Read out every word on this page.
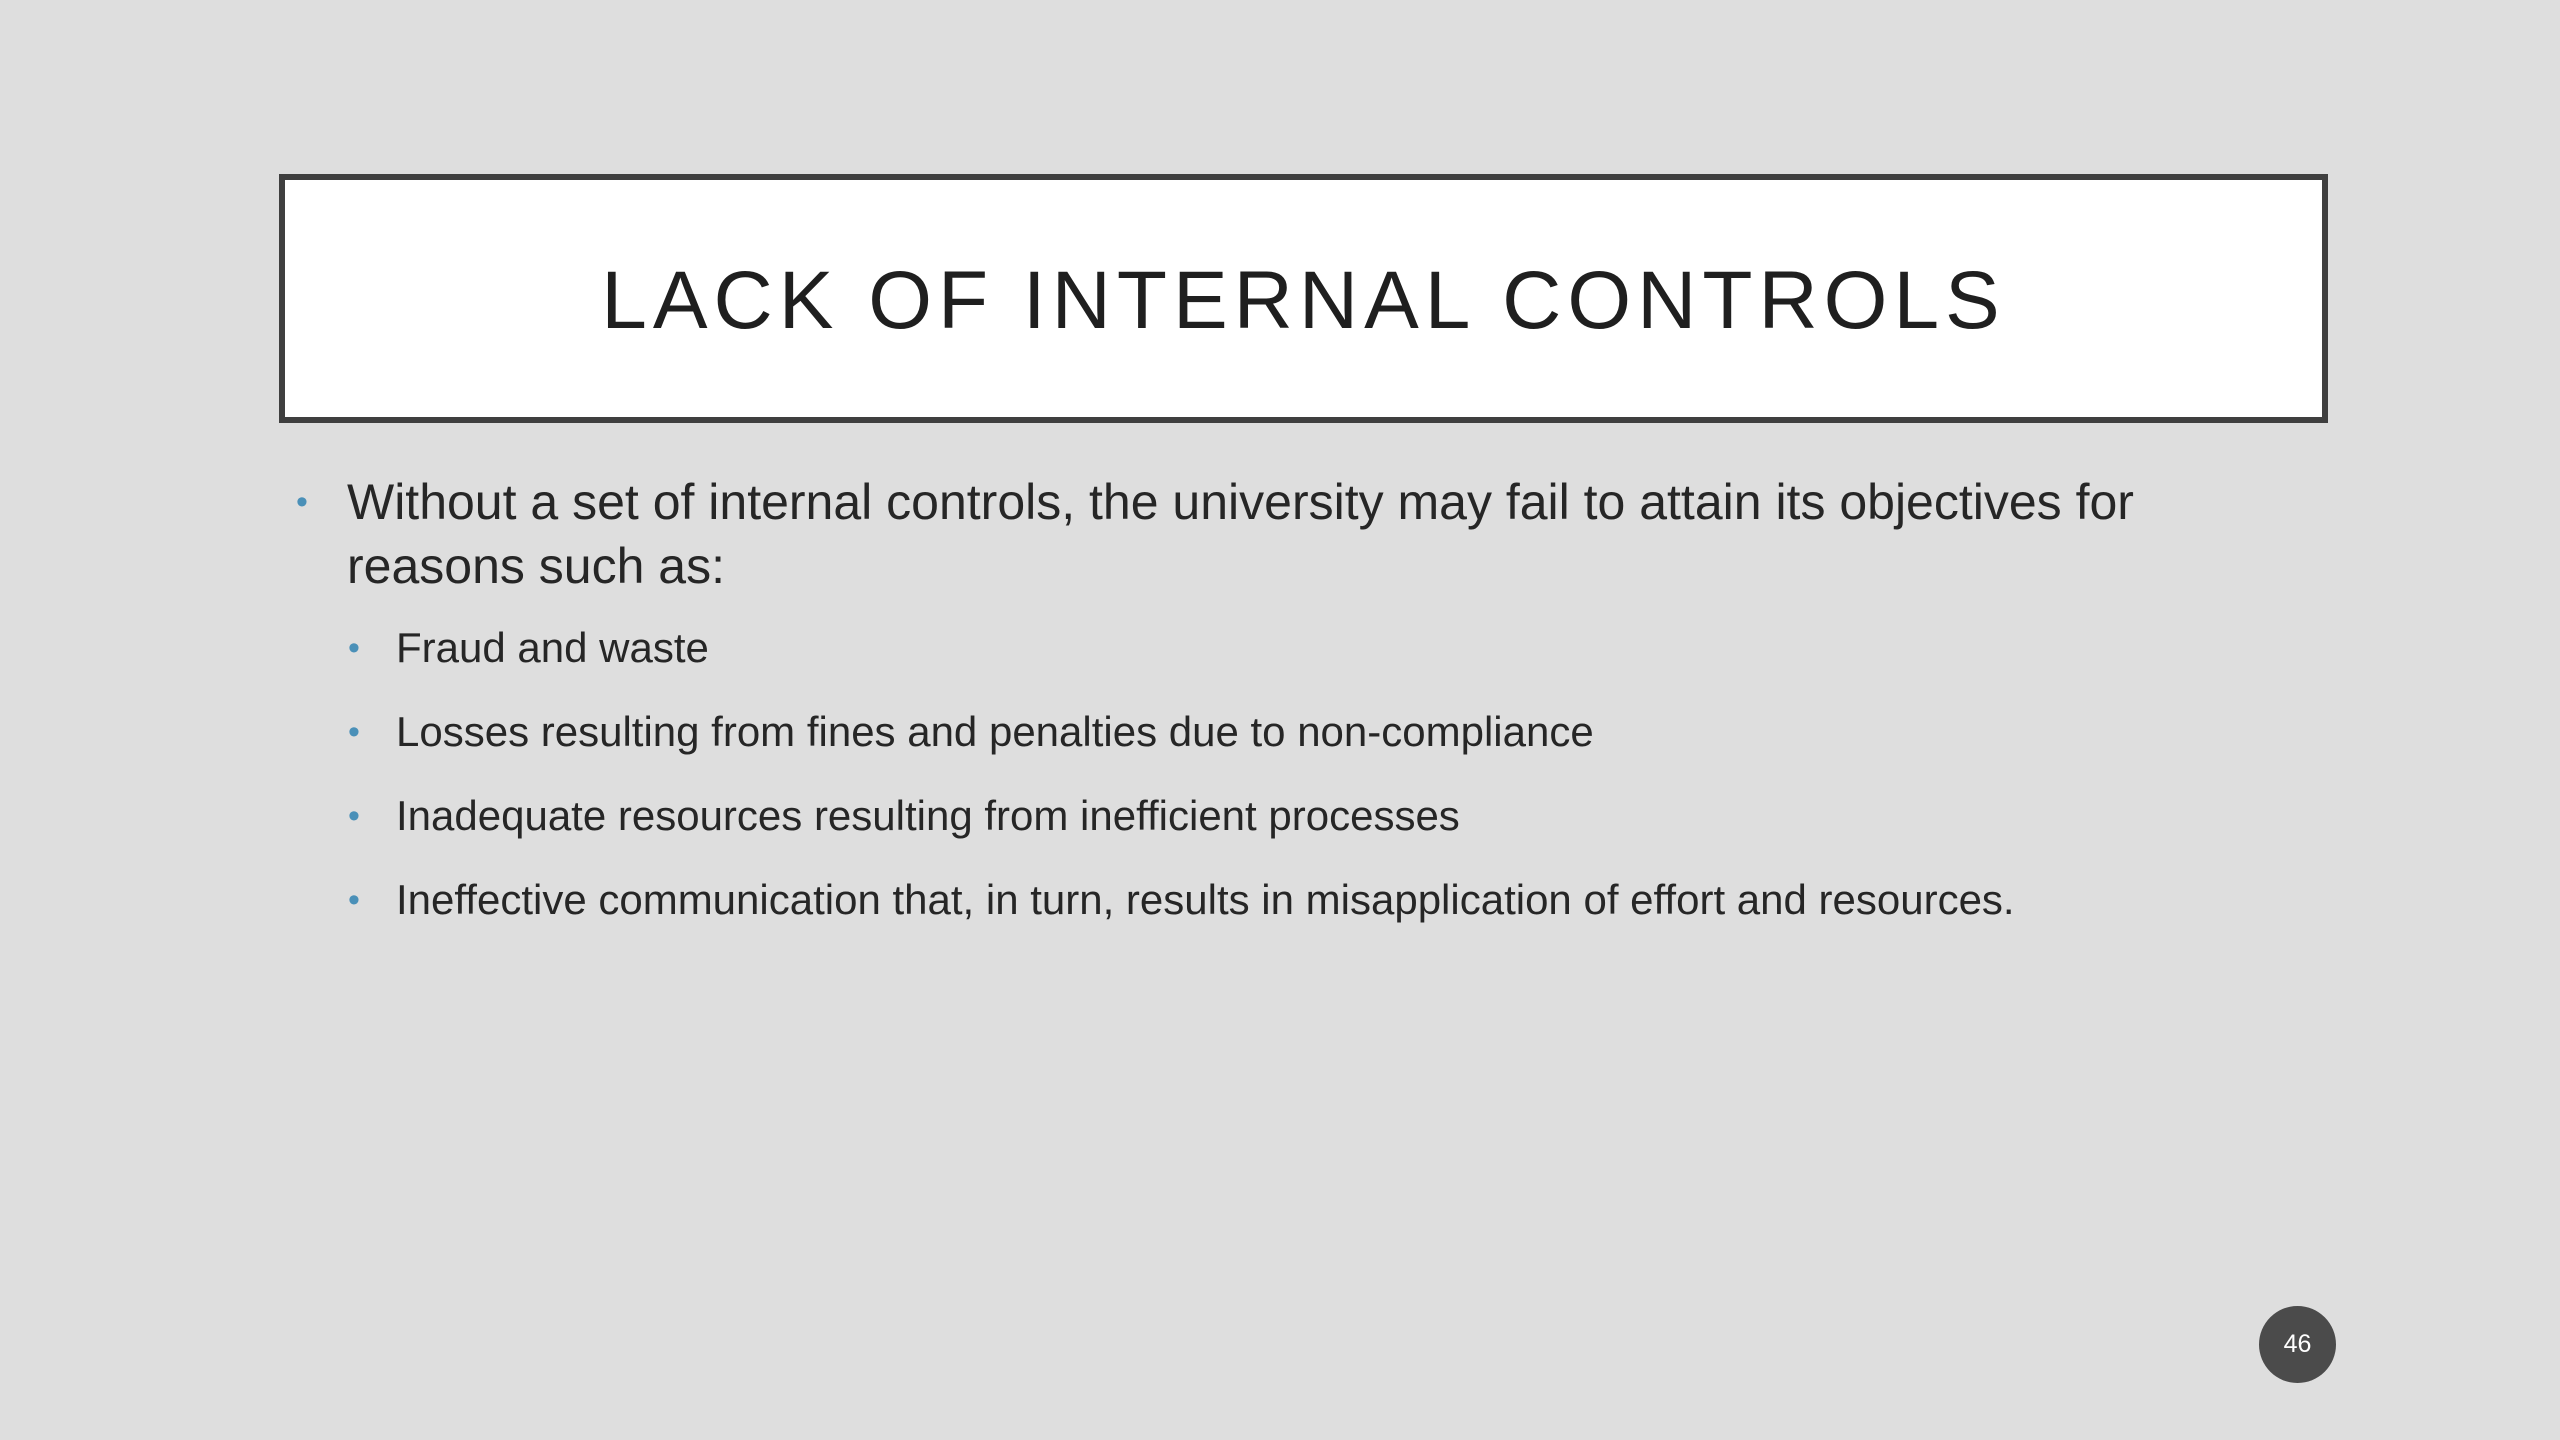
LACK OF INTERNAL CONTROLS
• Without a set of internal controls, the university may fail to attain its objectives for reasons such as:
• Fraud and waste
• Losses resulting from fines and penalties due to non-compliance
• Inadequate resources resulting from inefficient processes
• Ineffective communication that, in turn, results in misapplication of effort and resources.
46
